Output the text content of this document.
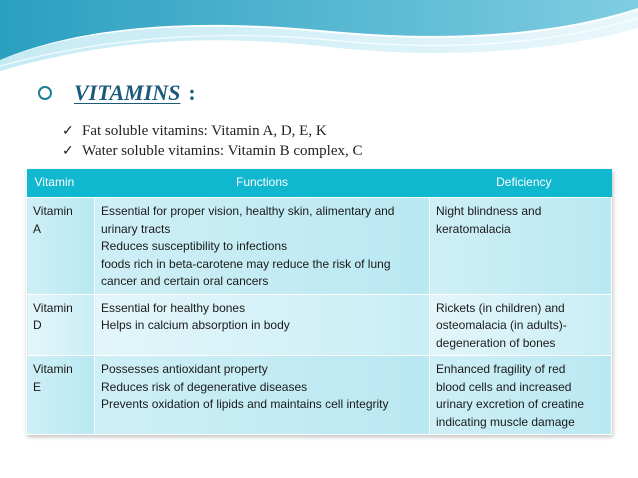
VITAMINS :
✓ Fat soluble vitamins: Vitamin A, D, E, K
✓ Water soluble vitamins: Vitamin B complex, C
Vitamin	Functions	Deficiency

Vitamin
A	Essential for proper vision, healthy skin, alimentary and
urinary tracts
Reduces susceptibility to infections
foods rich in beta-carotene may reduce the risk of lung
cancer and certain oral cancers	Night blindness and
keratomalacia

Vitamin
D	Essential for healthy bones
Helps in calcium absorption in body	Rickets (in children) and
osteomalacia (in adults)-
degeneration of bones

Vitamin
E	Possesses antioxidant property
Reduces risk of degenerative diseases
Prevents oxidation of lipids and maintains cell integrity	Enhanced fragility of red
blood cells and increased
urinary excretion of creatine
indicating muscle damage
